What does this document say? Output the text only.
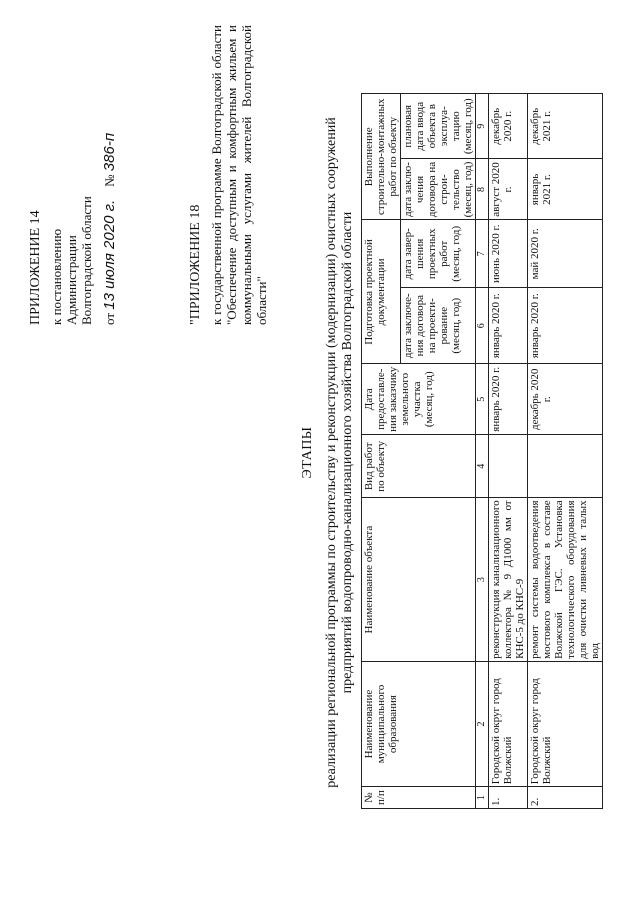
ПРИЛОЖЕНИЕ 14 к постановлению Администрации Волгоградской области от 13 июля 2020 г.    № 386-п
"ПРИЛОЖЕНИЕ 18 к государственной программе Волгоградской области "Обеспечение доступным и комфортным жильем и коммунальными услугами жителей Волгоградской области"
ЭТАПЫ реализации региональной программы по строительству и реконструкции (модернизации) очистных сооружений предприятий водопроводно-канализационного хозяйства Волгоградской области
№ п/п	Наименование муниципального образования	Наименование объекта	Вид работ по объекту	Дата предоставле-ния заказчику земельного участка (месяц, год)	Подготовка проектной документации		Выполнение строительно-монтажных работ по объекту	
					дата заключе-ния договора на проекти-рование (месяц, год)	дата завер-шения проектных работ (месяц, год)	дата заклю-чения договора на строи-тельство (месяц, год)	плановая дата ввода объекта в эксплуа-тацию (месяц, год)
1	2	3	4	5	6	7	8	9
1.	Городской округ город Волжский	реконструкция канализационного коллектора № 9 Д1000 мм от КНС-5 до КНС-9		январь 2020 г.	январь 2020 г.	июнь 2020 г.	август 2020 г.	декабрь 2020 г.
2.	Городской округ город Волжский	ремонт системы водоотведения мостового комплекса в составе Волжской ГЭС. Установка технологического оборудования для очистки ливневых и талых вод		декабрь 2020 г.	январь 2020 г.	май 2020 г.	январь 2021 г.	декабрь 2021 г.
